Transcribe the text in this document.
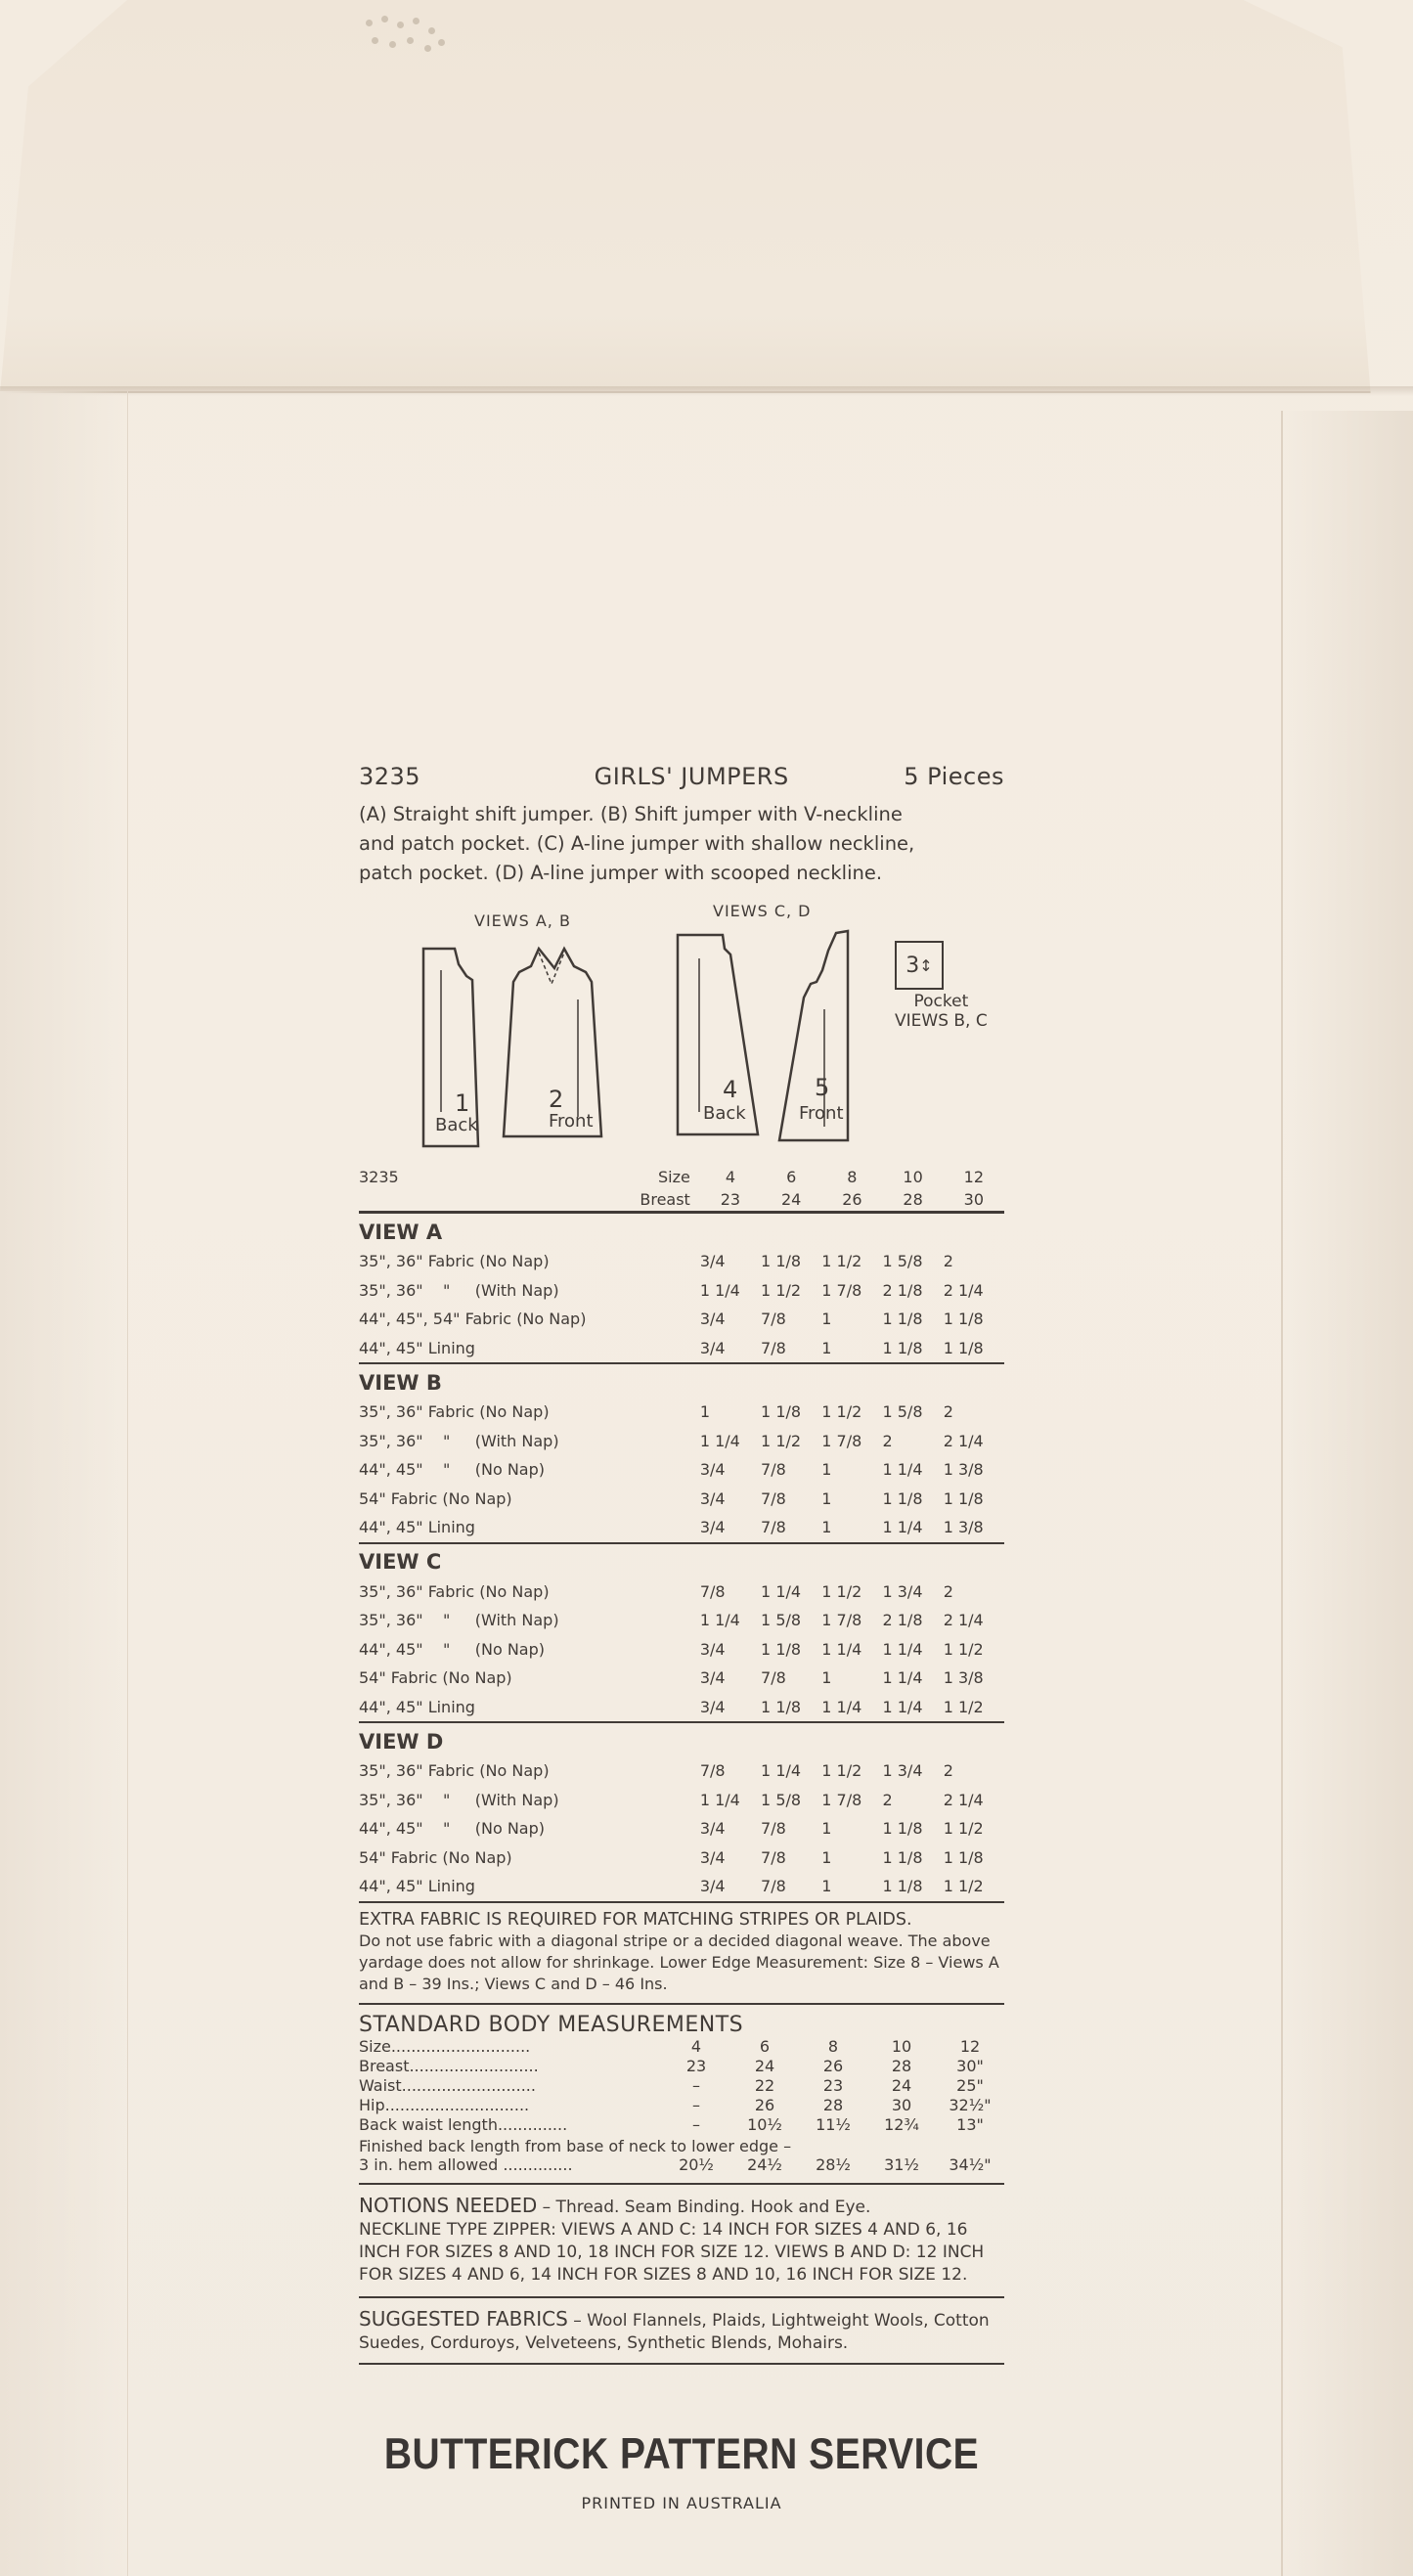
3235	GIRLS' JUMPERS	5 Pieces
(A) Straight shift jumper. (B) Shift jumper with V-neckline
and patch pocket. (C) A-line jumper with shallow neckline,
patch pocket. (D) A-line jumper with scooped neckline.
VIEWS A, B
VIEWS C, D
1
Back
2
Front
4
Back
5
Front
3 ↕
Pocket
VIEWS B, C
3235	Size	4	6	8	10	12
	Breast	23	24	26	28	30
VIEW A						
35", 36" Fabric (No Nap)		3/4	1 1/8	1 1/2	1 5/8	2
35", 36"    "     (With Nap)		1 1/4	1 1/2	1 7/8	2 1/8	2 1/4
44", 45", 54" Fabric (No Nap)		3/4	7/8	1	1 1/8	1 1/8
44", 45" Lining		3/4	7/8	1	1 1/8	1 1/8
VIEW B						
35", 36" Fabric (No Nap)		1	1 1/8	1 1/2	1 5/8	2
35", 36"    "     (With Nap)		1 1/4	1 1/2	1 7/8	2	2 1/4
44", 45"    "     (No Nap)		3/4	7/8	1	1 1/4	1 3/8
54" Fabric (No Nap)		3/4	7/8	1	1 1/8	1 1/8
44", 45" Lining		3/4	7/8	1	1 1/4	1 3/8
VIEW C						
35", 36" Fabric (No Nap)		7/8	1 1/4	1 1/2	1 3/4	2
35", 36"    "     (With Nap)		1 1/4	1 5/8	1 7/8	2 1/8	2 1/4
44", 45"    "     (No Nap)		3/4	1 1/8	1 1/4	1 1/4	1 1/2
54" Fabric (No Nap)		3/4	7/8	1	1 1/4	1 3/8
44", 45" Lining		3/4	1 1/8	1 1/4	1 1/4	1 1/2
VIEW D						
35", 36" Fabric (No Nap)		7/8	1 1/4	1 1/2	1 3/4	2
35", 36"    "     (With Nap)		1 1/4	1 5/8	1 7/8	2	2 1/4
44", 45"    "     (No Nap)		3/4	7/8	1	1 1/8	1 1/2
54" Fabric (No Nap)		3/4	7/8	1	1 1/8	1 1/8
44", 45" Lining		3/4	7/8	1	1 1/8	1 1/2

EXTRA FABRIC IS REQUIRED FOR MATCHING STRIPES OR PLAIDS.
Do not use fabric with a diagonal stripe or a decided diagonal weave. The above yardage does not allow for shrinkage. Lower Edge Measurement: Size 8 – Views A and B – 39 Ins.; Views C and D – 46 Ins.
STANDARD BODY MEASUREMENTS
Size............................	4	6	8	10	12
Breast..........................	23	24	26	28	30"
Waist...........................	–	22	23	24	25"
Hip.............................	–	26	28	30	32½"
Back waist length..............	–	10½	11½	12¾	13"
Finished back length from base of neck to lower edge –
3 in. hem allowed ..............	20½	24½	28½	31½	34½"
NOTIONS NEEDED – Thread. Seam Binding. Hook and Eye.
NECKLINE TYPE ZIPPER: VIEWS A AND C: 14 INCH FOR SIZES 4 AND 6, 16 INCH FOR SIZES 8 AND 10, 18 INCH FOR SIZE 12. VIEWS B AND D: 12 INCH FOR SIZES 4 AND 6, 14 INCH FOR SIZES 8 AND 10, 16 INCH FOR SIZE 12.
SUGGESTED FABRICS – Wool Flannels, Plaids, Lightweight Wools, Cotton Suedes, Corduroys, Velveteens, Synthetic Blends, Mohairs.
BUTTERICK PATTERN SERVICE
PRINTED IN AUSTRALIA
